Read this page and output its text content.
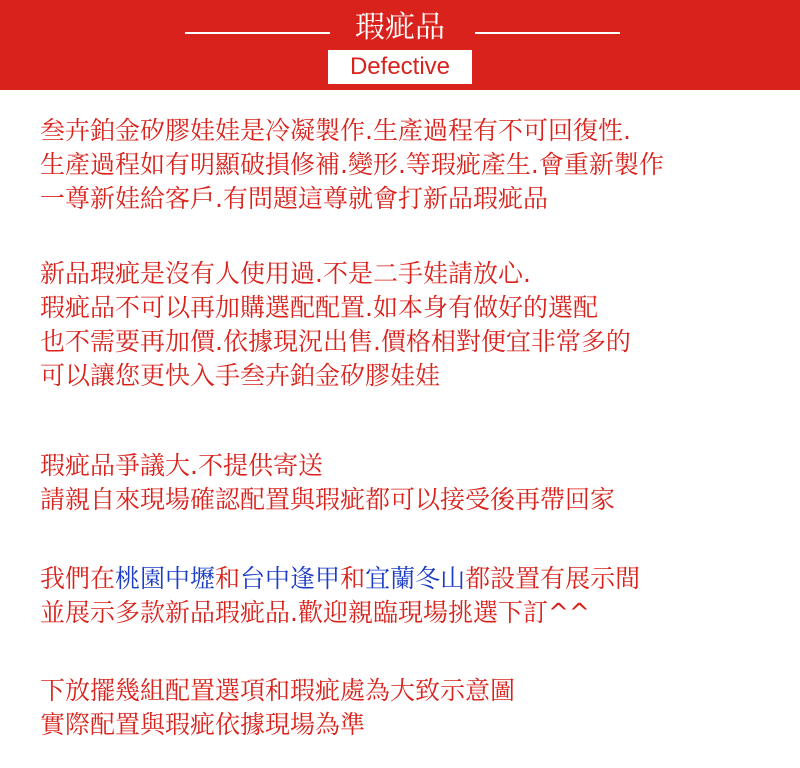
瑕疵品
Defective
叁卉鉑金矽膠娃娃是冷凝製作.生產過程有不可回復性.
生產過程如有明顯破損修補.變形.等瑕疵產生.會重新製作
一尊新娃給客戶.有問題這尊就會打新品瑕疵品
新品瑕疵是沒有人使用過.不是二手娃請放心.
瑕疵品不可以再加購選配配置.如本身有做好的選配
也不需要再加價.依據現況出售.價格相對便宜非常多的
可以讓您更快入手叁卉鉑金矽膠娃娃
瑕疵品爭議大.不提供寄送
請親自來現場確認配置與瑕疵都可以接受後再帶回家
我們在桃園中壢和台中逢甲和宜蘭冬山都設置有展示間
並展示多款新品瑕疵品.歡迎親臨現場挑選下訂^^
下放擺幾組配置選項和瑕疵處為大致示意圖
實際配置與瑕疵依據現場為準
